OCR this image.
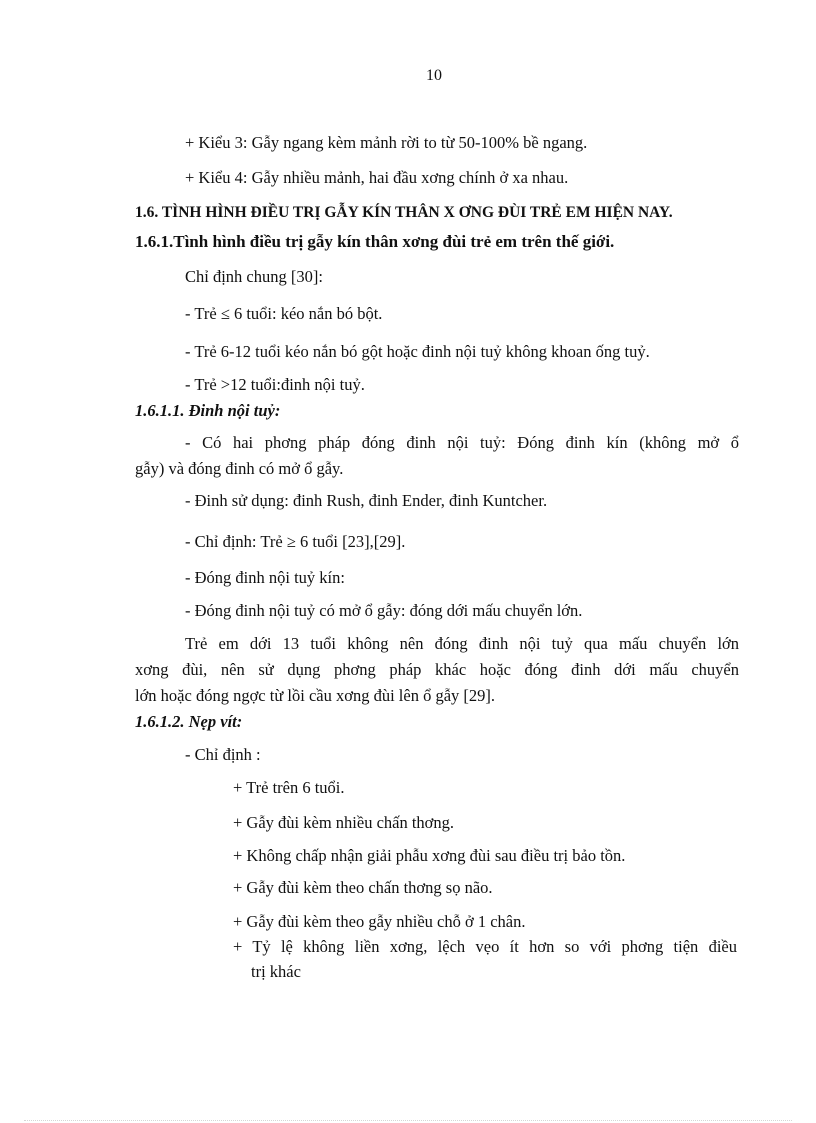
10
+ Kiểu 3: Gẫy ngang kèm mảnh rời to từ 50-100% bề ngang.
+ Kiểu 4: Gẫy nhiều mảnh, hai đầu xơng chính ở xa nhau.
1.6. TÌNH HÌNH ĐIỀU TRỊ GẪY KÍN THÂN X ƠNG ĐÙI TRẺ EM HIỆN NAY.
1.6.1.Tình hình điều trị gẫy kín thân xơng đùi trẻ em trên thế giới.
Chỉ định chung [30]:
- Trẻ ≤ 6 tuổi: kéo nắn bó bột.
- Trẻ 6-12 tuổi kéo nắn bó gột hoặc đinh nội tuỷ không khoan ống tuỷ.
- Trẻ >12 tuổi:đinh nội tuỷ.
1.6.1.1. Đinh nội tuỷ:
- Có hai phơng pháp đóng đinh nội tuỷ: Đóng đinh kín (không mở ổ
gẫy) và đóng đinh có mở ổ gẫy.
- Đinh sử dụng: đinh Rush, đinh Ender, đinh Kuntcher.
- Chỉ định: Trẻ ≥ 6 tuổi [23],[29].
- Đóng đinh nội tuỷ kín:
- Đóng đinh nội tuỷ có mở ổ gẫy: đóng dới mấu chuyển lớn.
Trẻ em dới 13 tuổi không nên đóng đinh nội tuỷ qua mấu chuyển lớn
xơng đùi, nên sử dụng phơng pháp khác hoặc đóng đinh dới mấu chuyển
lớn hoặc đóng ngợc từ lồi cầu xơng đùi lên ổ gẫy [29].
1.6.1.2. Nẹp vít:
- Chỉ định :
+ Trẻ trên 6 tuổi.
+ Gẫy đùi kèm nhiều chấn thơng.
+ Không chấp nhận giải phẫu xơng đùi sau điều trị bảo tồn.
+ Gẫy đùi kèm theo chấn thơng sọ não.
+ Gẫy đùi kèm theo gẫy nhiều chỗ ở 1 chân.
+ Tỷ lệ không liền xơng, lệch vẹo ít hơn so với phơng tiện điều
trị khác
